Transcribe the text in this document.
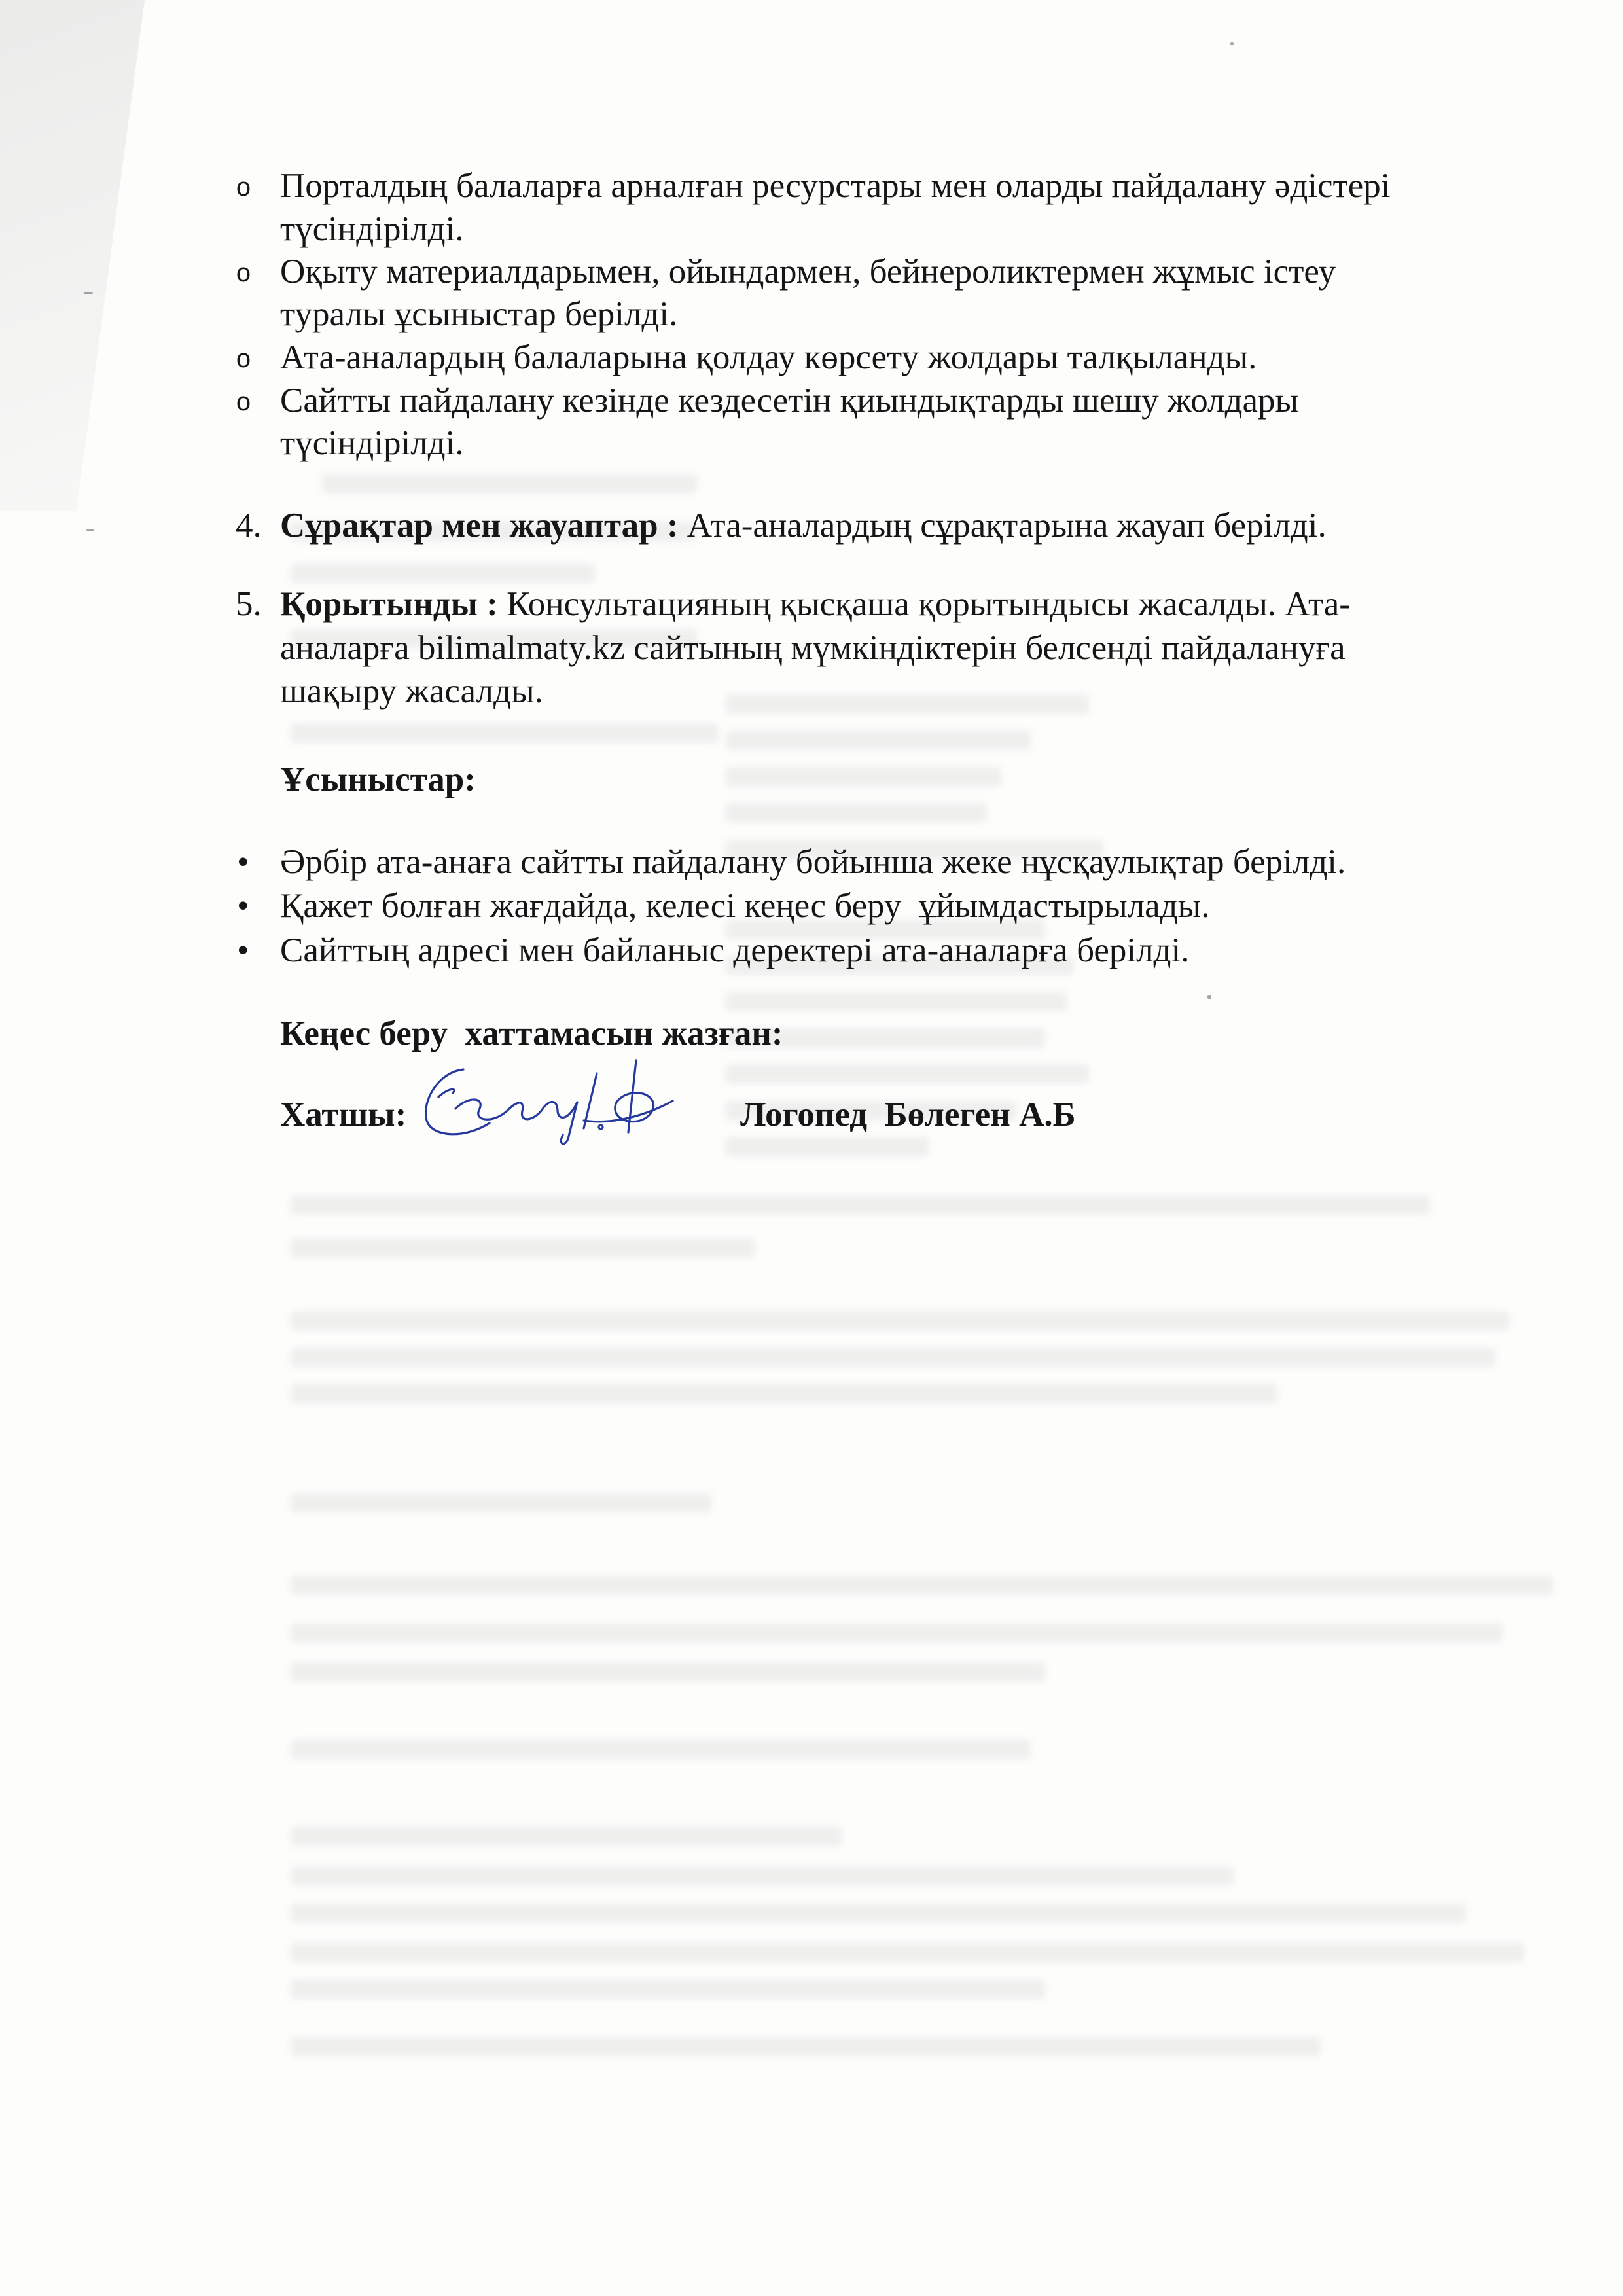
o Порталдың балаларға арналған ресурстары мен оларды пайдалану әдістері
түсіндірілді.
o Оқыту материалдарымен, ойындармен, бейнероликтермен жұмыс істеу
туралы ұсыныстар берілді.
o Ата-аналардың балаларына қолдау көрсету жолдары талқыланды.
o Сайтты пайдалану кезінде кездесетін қиындықтарды шешу жолдары
түсіндірілді.
4. Сұрақтар мен жауаптар : Ата-аналардың сұрақтарына жауап берілді.
5. Қорытынды : Консультацияның қысқаша қорытындысы жасалды. Ата-
аналарға bilimalmaty.kz сайтының мүмкіндіктерін белсенді пайдалануға
шақыру жасалды.
Ұсыныстар:
• Әрбір ата-анаға сайтты пайдалану бойынша жеке нұсқаулықтар берілді.
• Қажет болған жағдайда, келесі кеңес беру  ұйымдастырылады.
• Сайттың адресі мен байланыс деректері ата-аналарға берілді.
Кеңес беру  хаттамасын жазған:
Хатшы:	Логопед  Бөлеген А.Б
